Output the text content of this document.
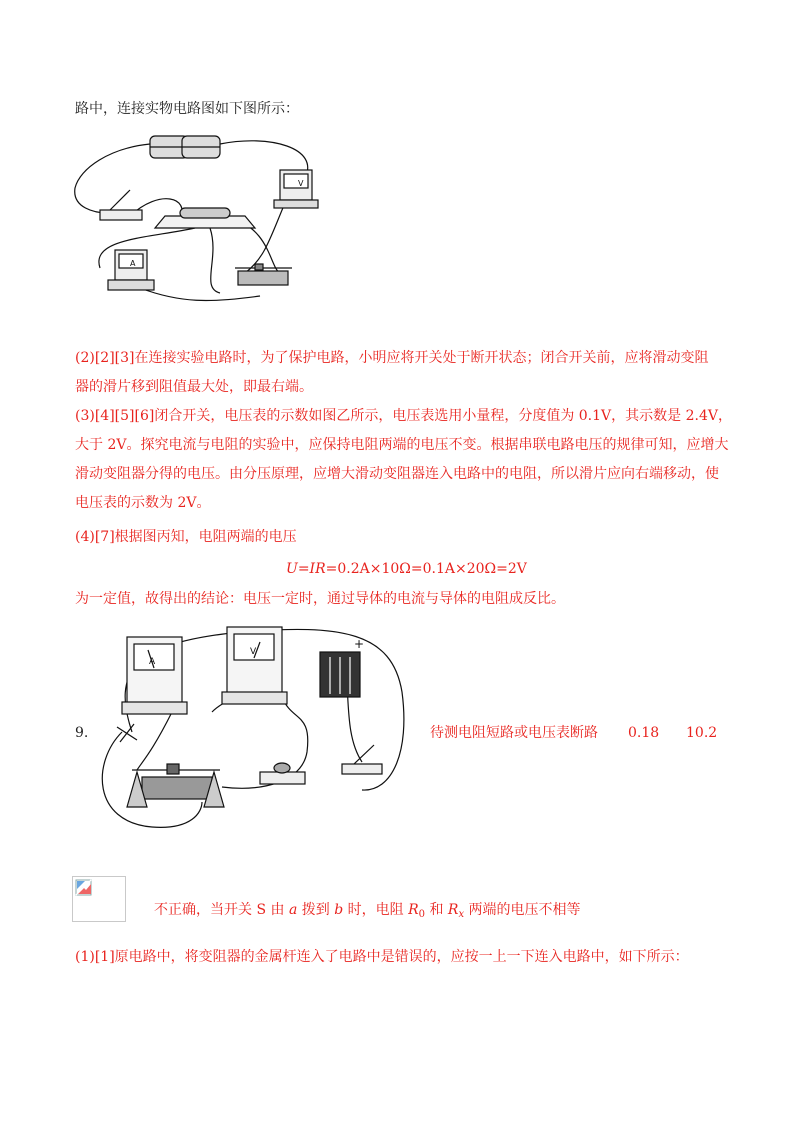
路中，连接实物电路图如下图所示：
V
A
(2)[2][3]在连接实验电路时，为了保护电路，小明应将开关处于断开状态；闭合开关前，应将滑动变阻
器的滑片移到阻值最大处，即最右端。
(3)[4][5][6]闭合开关，电压表的示数如图乙所示，电压表选用小量程，分度值为 0.1V，其示数是 2.4V，
大于 2V。探究电流与电阻的实验中，应保持电阻两端的电压不变。根据串联电路电压的规律可知，应增大
滑动变阻器分得的电压。由分压原理，应增大滑动变阻器连入电路中的电阻，所以滑片应向右端移动，使
电压表的示数为 2V。
(4)[7]根据图丙知，电阻两端的电压
U=IR=0.2A×10Ω=0.1A×20Ω=2V
为一定值，故得出的结论：电压一定时，通过导体的电流与导体的电阻成反比。
9.
A
V
+
待测电阻短路或电压表断路 0.18 10.2
不正确，当开关 S 由 a 拨到 b 时，电阻 $R_0$ 和 $R_x$ 两端的电压不相等
(1)[1]原电路中，将变阻器的金属杆连入了电路中是错误的，应按一上一下连入电路中，如下所示：
